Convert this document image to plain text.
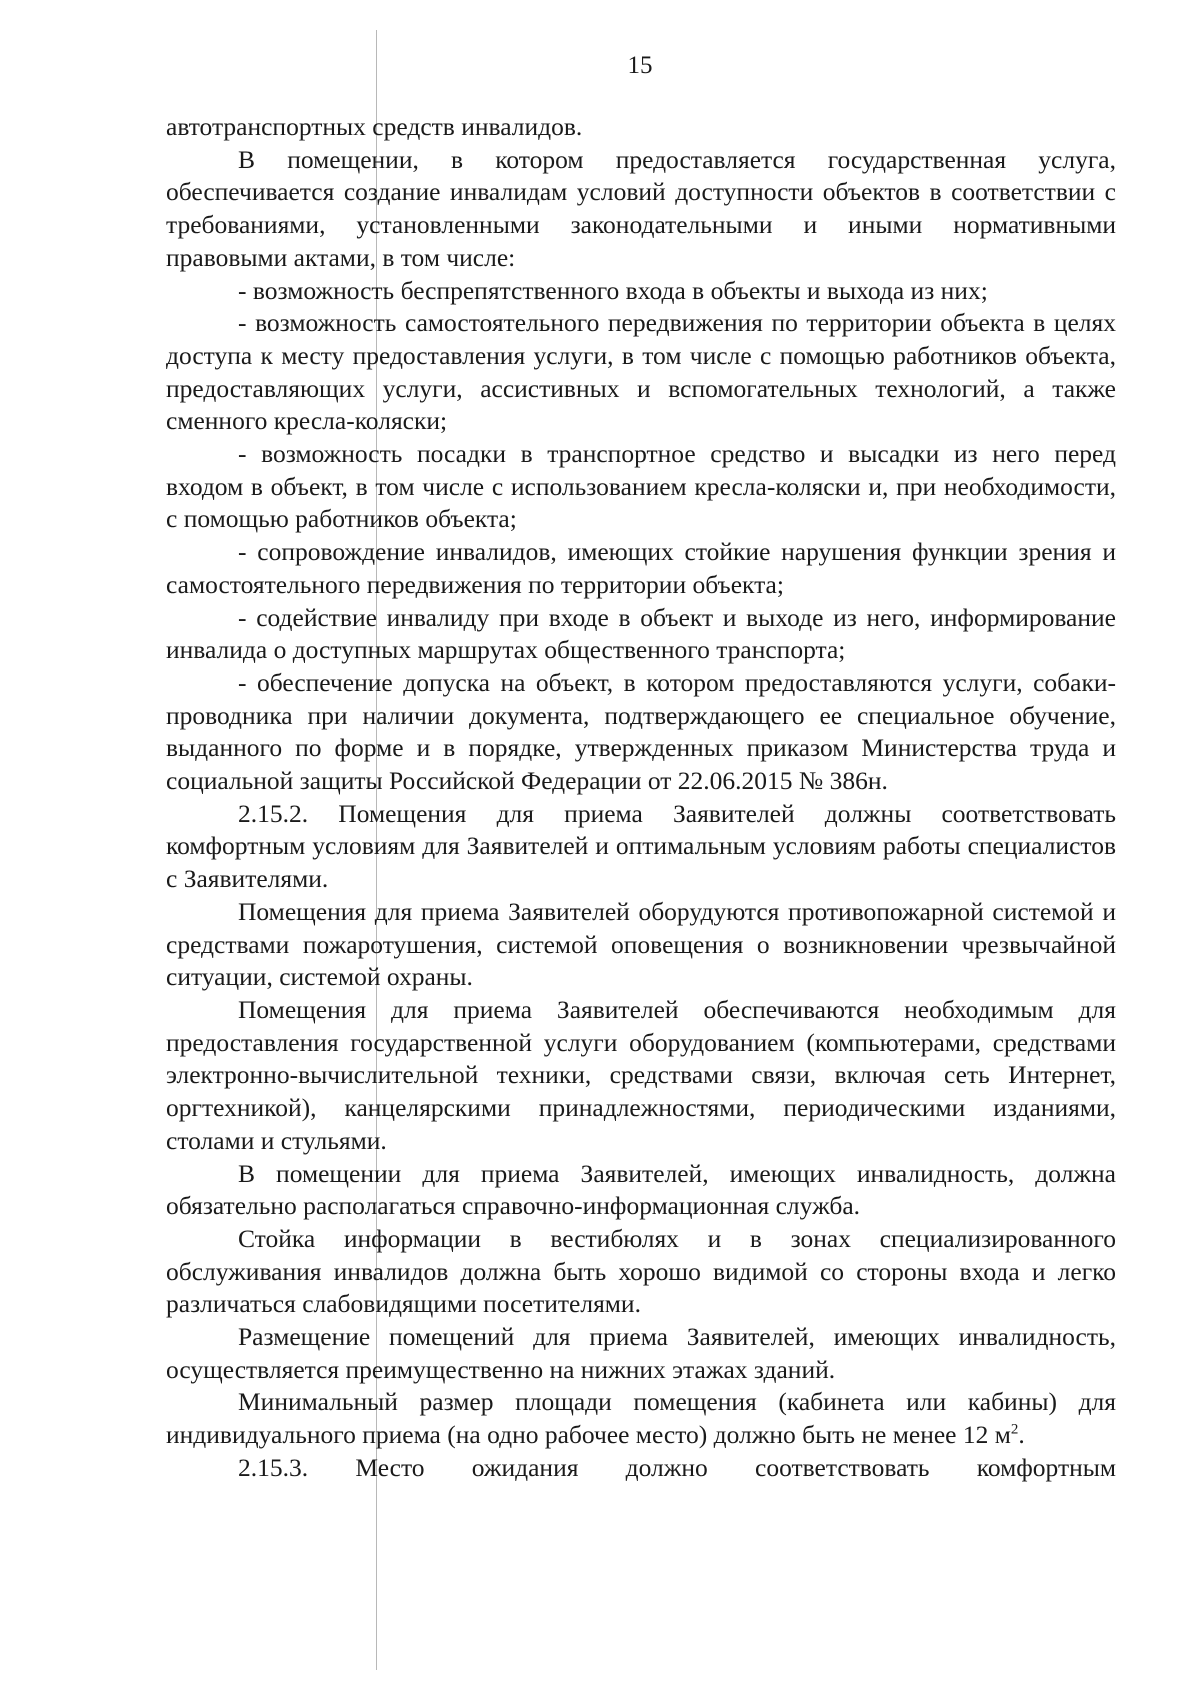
15

автотранспортных средств инвалидов.

В помещении, в котором предоставляется государственная услуга, обеспечивается создание инвалидам условий доступности объектов в соответствии с требованиями, установленными законодательными и иными нормативными правовыми актами, в том числе:

- возможность беспрепятственного входа в объекты и выхода из них;

- возможность самостоятельного передвижения по территории объекта в целях доступа к месту предоставления услуги, в том числе с помощью работников объекта, предоставляющих услуги, ассистивных и вспомогательных технологий, а также сменного кресла-коляски;

- возможность посадки в транспортное средство и высадки из него перед входом в объект, в том числе с использованием кресла-коляски и, при необходимости, с помощью работников объекта;

- сопровождение инвалидов, имеющих стойкие нарушения функции зрения и самостоятельного передвижения по территории объекта;

- содействие инвалиду при входе в объект и выходе из него, информирование инвалида о доступных маршрутах общественного транспорта;

- обеспечение допуска на объект, в котором предоставляются услуги, собаки-проводника при наличии документа, подтверждающего ее специальное обучение, выданного по форме и в порядке, утвержденных приказом Министерства труда и социальной защиты Российской Федерации от 22.06.2015 № 386н.

2.15.2. Помещения для приема Заявителей должны соответствовать комфортным условиям для Заявителей и оптимальным условиям работы специалистов с Заявителями.

Помещения для приема Заявителей оборудуются противопожарной системой и средствами пожаротушения, системой оповещения о возникновении чрезвычайной ситуации, системой охраны.

Помещения для приема Заявителей обеспечиваются необходимым для предоставления государственной услуги оборудованием (компьютерами, средствами электронно-вычислительной техники, средствами связи, включая сеть Интернет, оргтехникой), канцелярскими принадлежностями, периодическими изданиями, столами и стульями.

В помещении для приема Заявителей, имеющих инвалидность, должна обязательно располагаться справочно-информационная служба.

Стойка информации в вестибюлях и в зонах специализированного обслуживания инвалидов должна быть хорошо видимой со стороны входа и легко различаться слабовидящими посетителями.

Размещение помещений для приема Заявителей, имеющих инвалидность, осуществляется преимущественно на нижних этажах зданий.

Минимальный размер площади помещения (кабинета или кабины) для индивидуального приема (на одно рабочее место) должно быть не менее 12 $м^2$.

2.15.3. Место ожидания должно соответствовать комфортным
